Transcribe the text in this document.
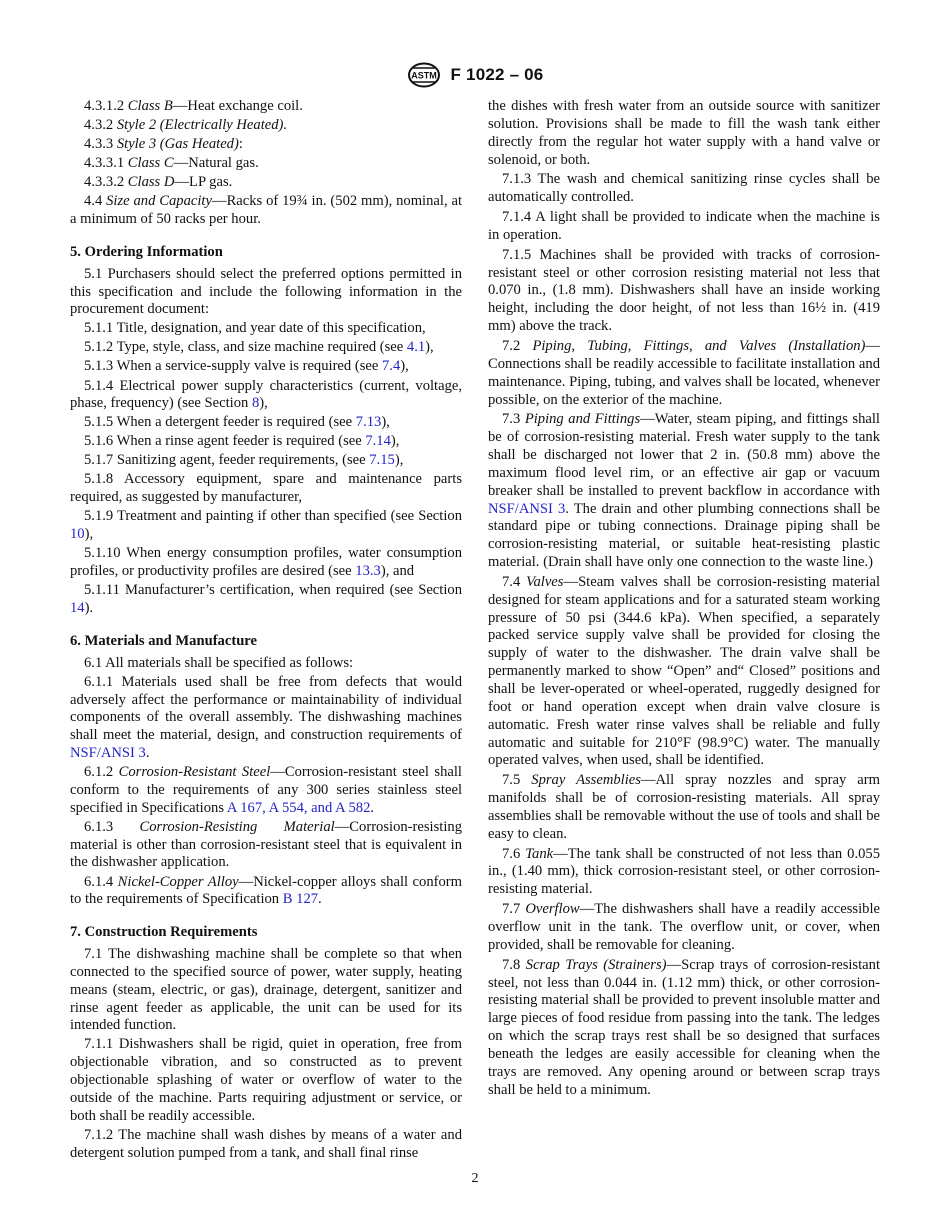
ASTM F 1022 – 06

4.3.1.2 Class B—Heat exchange coil.

4.3.2 Style 2 (Electrically Heated).

4.3.3 Style 3 (Gas Heated):

4.3.3.1 Class C—Natural gas.

4.3.3.2 Class D—LP gas.

4.4 Size and Capacity—Racks of 19¾ in. (502 mm), nominal, at a minimum of 50 racks per hour.

5. Ordering Information

5.1 Purchasers should select the preferred options permitted in this specification and include the following information in the procurement document:

5.1.1 Title, designation, and year date of this specification,

5.1.2 Type, style, class, and size machine required (see 4.1),

5.1.3 When a service-supply valve is required (see 7.4),

5.1.4 Electrical power supply characteristics (current, voltage, phase, frequency) (see Section 8),

5.1.5 When a detergent feeder is required (see 7.13),

5.1.6 When a rinse agent feeder is required (see 7.14),

5.1.7 Sanitizing agent, feeder requirements, (see 7.15),

5.1.8 Accessory equipment, spare and maintenance parts required, as suggested by manufacturer,

5.1.9 Treatment and painting if other than specified (see Section 10),

5.1.10 When energy consumption profiles, water consumption profiles, or productivity profiles are desired (see 13.3), and

5.1.11 Manufacturer’s certification, when required (see Section 14).

6. Materials and Manufacture

6.1 All materials shall be specified as follows:

6.1.1 Materials used shall be free from defects that would adversely affect the performance or maintainability of individual components of the overall assembly. The dishwashing machines shall meet the material, design, and construction requirements of NSF/ANSI 3.

6.1.2 Corrosion-Resistant Steel—Corrosion-resistant steel shall conform to the requirements of any 300 series stainless steel specified in Specifications A 167, A 554, and A 582.

6.1.3 Corrosion-Resisting Material—Corrosion-resisting material is other than corrosion-resistant steel that is equivalent in the dishwasher application.

6.1.4 Nickel-Copper Alloy—Nickel-copper alloys shall conform to the requirements of Specification B 127.

7. Construction Requirements

7.1 The dishwashing machine shall be complete so that when connected to the specified source of power, water supply, heating means (steam, electric, or gas), drainage, detergent, sanitizer and rinse agent feeder as applicable, the unit can be used for its intended function.

7.1.1 Dishwashers shall be rigid, quiet in operation, free from objectionable vibration, and so constructed as to prevent objectionable splashing of water or overflow of water to the outside of the machine. Parts requiring adjustment or service, or both shall be readily accessible.

7.1.2 The machine shall wash dishes by means of a water and detergent solution pumped from a tank, and shall final rinse

the dishes with fresh water from an outside source with sanitizer solution. Provisions shall be made to fill the wash tank either directly from the regular hot water supply with a hand valve or solenoid, or both.

7.1.3 The wash and chemical sanitizing rinse cycles shall be automatically controlled.

7.1.4 A light shall be provided to indicate when the machine is in operation.

7.1.5 Machines shall be provided with tracks of corrosion-resistant steel or other corrosion resisting material not less that 0.070 in., (1.8 mm). Dishwashers shall have an inside working height, including the door height, of not less than 16½ in. (419 mm) above the track.

7.2 Piping, Tubing, Fittings, and Valves (Installation)—Connections shall be readily accessible to facilitate installation and maintenance. Piping, tubing, and valves shall be located, whenever possible, on the exterior of the machine.

7.3 Piping and Fittings—Water, steam piping, and fittings shall be of corrosion-resisting material. Fresh water supply to the tank shall be discharged not lower that 2 in. (50.8 mm) above the maximum flood level rim, or an effective air gap or vacuum breaker shall be installed to prevent backflow in accordance with NSF/ANSI 3. The drain and other plumbing connections shall be standard pipe or tubing connections. Drainage piping shall be corrosion-resisting material, or suitable heat-resisting plastic material. (Drain shall have only one connection to the waste line.)

7.4 Valves—Steam valves shall be corrosion-resisting material designed for steam applications and for a saturated steam working pressure of 50 psi (344.6 kPa). When specified, a separately packed service supply valve shall be provided for closing the supply of water to the dishwasher. The drain valve shall be permanently marked to show “Open” and“ Closed” positions and shall be lever-operated or wheel-operated, ruggedly designed for foot or hand operation except when drain valve closure is automatic. Fresh water rinse valves shall be reliable and fully automatic and suitable for 210°F (98.9°C) water. The manually operated valves, when used, shall be identified.

7.5 Spray Assemblies—All spray nozzles and spray arm manifolds shall be of corrosion-resisting materials. All spray assemblies shall be removable without the use of tools and shall be easy to clean.

7.6 Tank—The tank shall be constructed of not less than 0.055 in., (1.40 mm), thick corrosion-resistant steel, or other corrosion-resisting material.

7.7 Overflow—The dishwashers shall have a readily accessible overflow unit in the tank. The overflow unit, or cover, when provided, shall be removable for cleaning.

7.8 Scrap Trays (Strainers)—Scrap trays of corrosion-resistant steel, not less than 0.044 in. (1.12 mm) thick, or other corrosion-resisting material shall be provided to prevent insoluble matter and large pieces of food residue from passing into the tank. The ledges on which the scrap trays rest shall be so designed that surfaces beneath the ledges are easily accessible for cleaning when the trays are removed. Any opening around or between scrap trays shall be held to a minimum.

2
